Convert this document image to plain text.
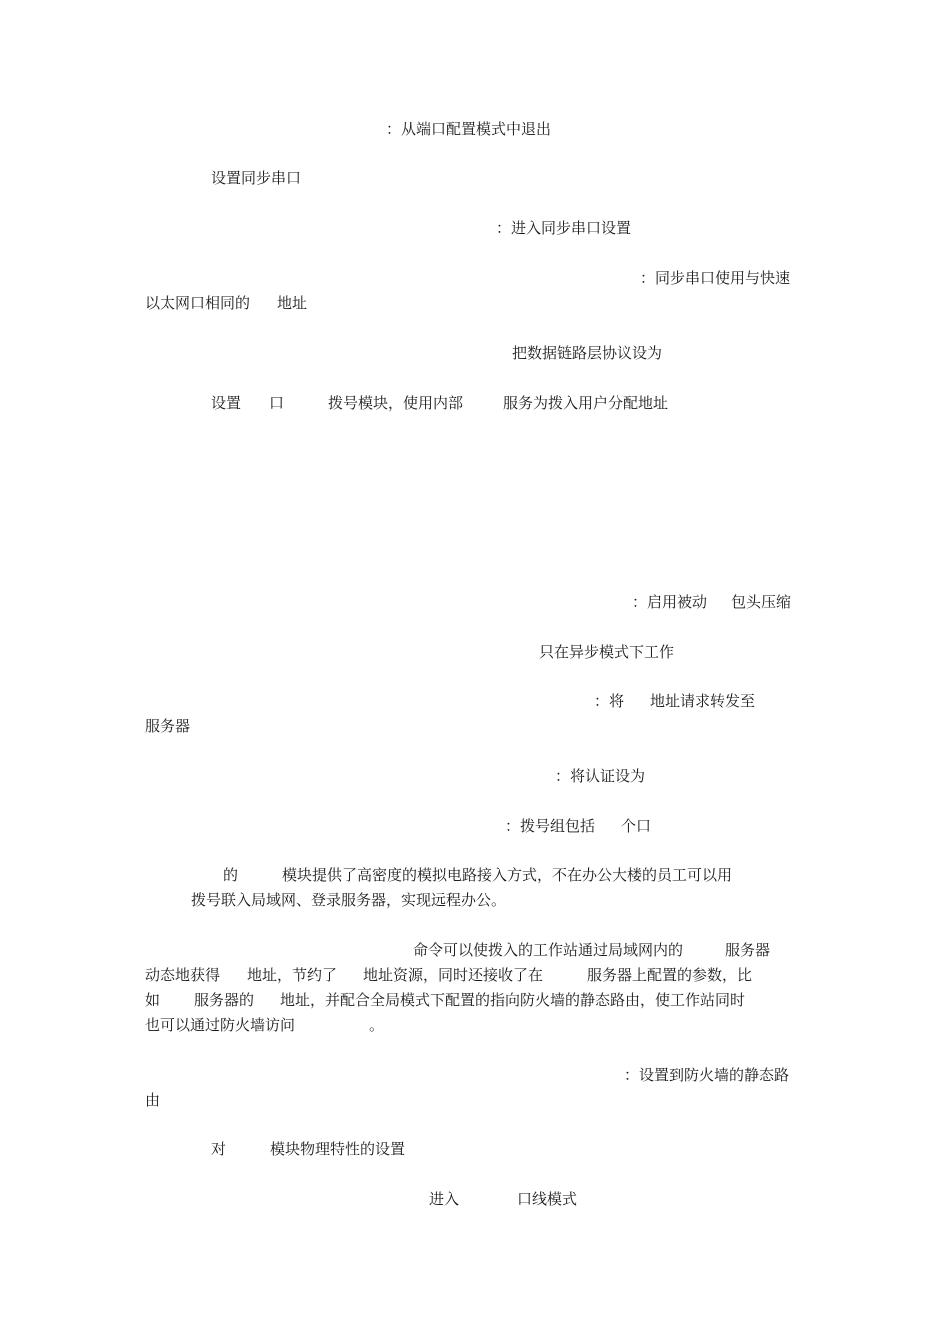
：从端口配置模式中退出

设置同步串口

：进入同步串口设置

：同步串口使用与快速

以太网口相同的 地址

把数据链路层协议设为

设置 口	拨号模块，使用内部	服务为拨入用户分配地址

：启用被动 包头压缩

只在异步模式下工作

：将 地址请求转发至

服务器

：将认证设为

：拨号组包括 个口

的	模块提供了高密度的模拟电路接入方式，不在办公大楼的员工可以用

拨号联入局域网、登录服务器，实现远程办公。

命令可以使拨入的工作站通过局域网内的	服务器

动态地获得 地址，节约了 地址资源，同时还接收了在	服务器上配置的参数，比

如 服务器的 地址，并配合全局模式下配置的指向防火墙的静态路由，使工作站同时

也可以通过防火墙访问	。

：设置到防火墙的静态路

由

对	模块物理特性的设置

进入	口线模式
